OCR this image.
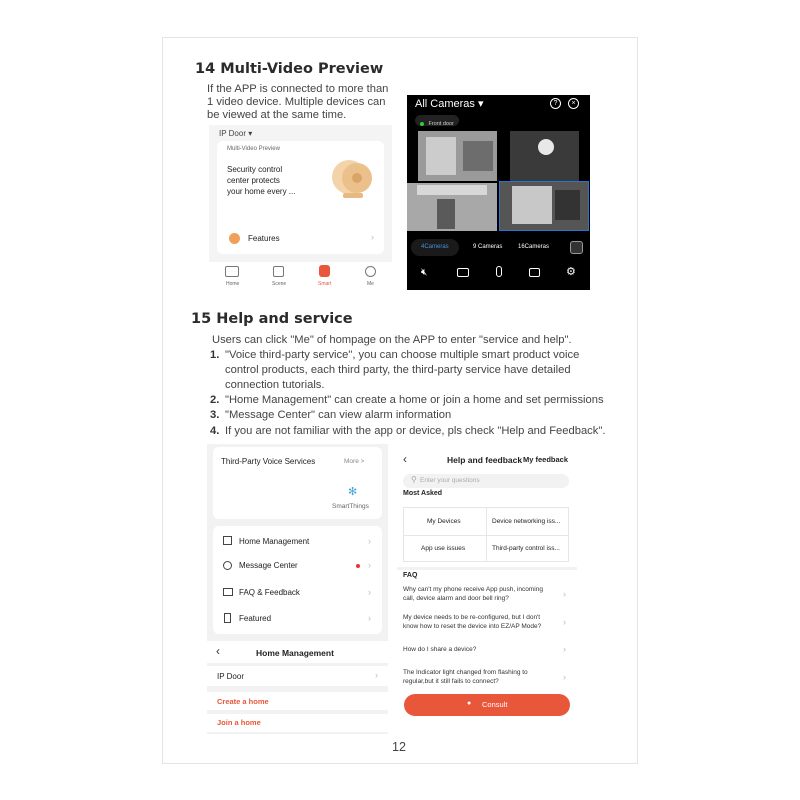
14 Multi-Video Preview
If the APP is connected to more than
1 video device. Multiple devices can
be viewed at the same time.
IP Door ▾
Multi-Video Preview
Security control
center protects
your home every ...
Features	›
Home	Scene	Smart	Me
All Cameras ▾	?	×
Front door
4Cameras	9 Cameras	16Cameras
🔇︎	⚙︎
15 Help and service
Users can click "Me" of hompage on the APP to enter "service and help".
1. "Voice third-party service", you can choose multiple smart product voice
control products, each third party, the third-party service have detailed
connection tutorials.
2. "Home Management" can create a home or join a home and set permissions
3. "Message Center" can view alarm information
4. If you are not familiar with the app or device, pls check "Help and Feedback".
Third-Party Voice Services	More >
✻
SmartThings
Home Management	›
Message Center	›
FAQ & Feedback	›
Featured	›
‹	Home Management
IP Door	›
Create a home
Join a home
‹	Help and feedback My feedback
⚲ Enter your questions
Most Asked
My Devices	Device networking iss...
App use issues	Third-party control iss...
FAQ
Why can't my phone receive App push, incoming
call, device alarm and door bell ring?	›
My device needs to be re-configured, but I don't
know how to reset the device into EZ/AP Mode? ›
How do I share a device?	›
The Indicator light changed from flashing to
regular,but it still fails to connect?	›
● Consult
12
